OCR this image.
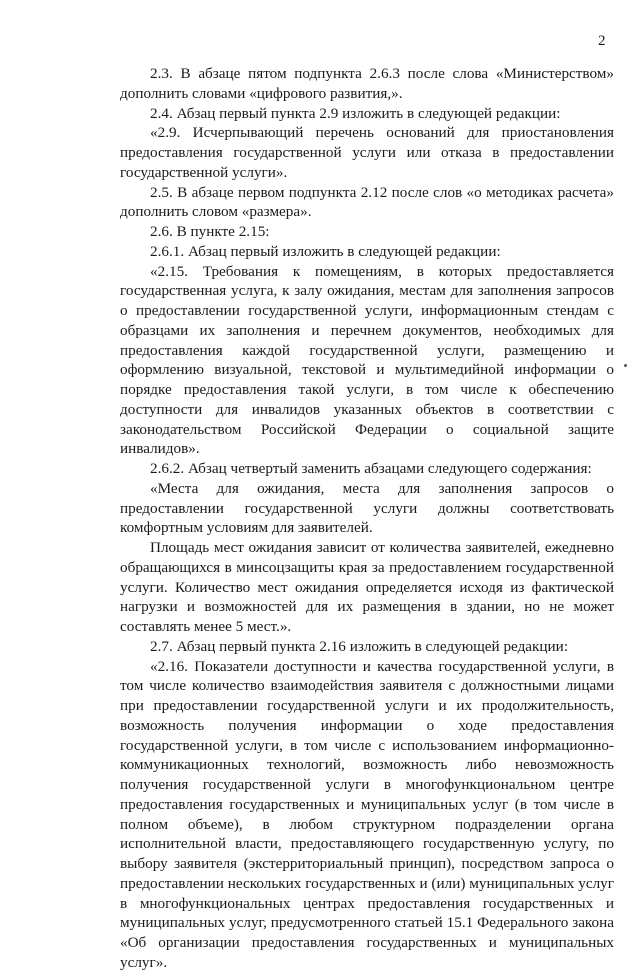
2

2.3. В абзаце пятом подпункта 2.6.3 после слова «Министерством» дополнить словами «цифрового развития,».

2.4. Абзац первый пункта 2.9 изложить в следующей редакции:

«2.9. Исчерпывающий перечень оснований для приостановления предоставления государственной услуги или отказа в предоставлении государственной услуги».

2.5. В абзаце первом подпункта 2.12 после слов «о методиках расчета» дополнить словом «размера».

2.6. В пункте 2.15:

2.6.1. Абзац первый изложить в следующей редакции:

«2.15. Требования к помещениям, в которых предоставляется государственная услуга, к залу ожидания, местам для заполнения запросов о предоставлении государственной услуги, информационным стендам с образцами их заполнения и перечнем документов, необходимых для предоставления каждой государственной услуги, размещению и оформлению визуальной, текстовой и мультимедийной информации о порядке предоставления такой услуги, в том числе к обеспечению доступности для инвалидов указанных объектов в соответствии с законодательством Российской Федерации о социальной защите инвалидов».

2.6.2. Абзац четвертый заменить абзацами следующего содержания:

«Места для ожидания, места для заполнения запросов о предоставлении государственной услуги должны соответствовать комфортным условиям для заявителей.

Площадь мест ожидания зависит от количества заявителей, ежедневно обращающихся в минсоцзащиты края за предоставлением государственной услуги. Количество мест ожидания определяется исходя из фактической нагрузки и возможностей для их размещения в здании, но не может составлять менее 5 мест.».

2.7. Абзац первый пункта 2.16 изложить в следующей редакции:

«2.16. Показатели доступности и качества государственной услуги, в том числе количество взаимодействия заявителя с должностными лицами при предоставлении государственной услуги и их продолжительность, возможность получения информации о ходе предоставления государственной услуги, в том числе с использованием информационно-коммуникационных технологий, возможность либо невозможность получения государственной услуги в многофункциональном центре предоставления государственных и муниципальных услуг (в том числе в полном объеме), в любом структурном подразделении органа исполнительной власти, предоставляющего государственную услугу, по выбору заявителя (экстерриториальный принцип), посредством запроса о предоставлении нескольких государственных и (или) муниципальных услуг в многофункциональных центрах предоставления государственных и муниципальных услуг, предусмотренного статьей 15.1 Федерального закона «Об организации предоставления государственных и муниципальных услуг».
